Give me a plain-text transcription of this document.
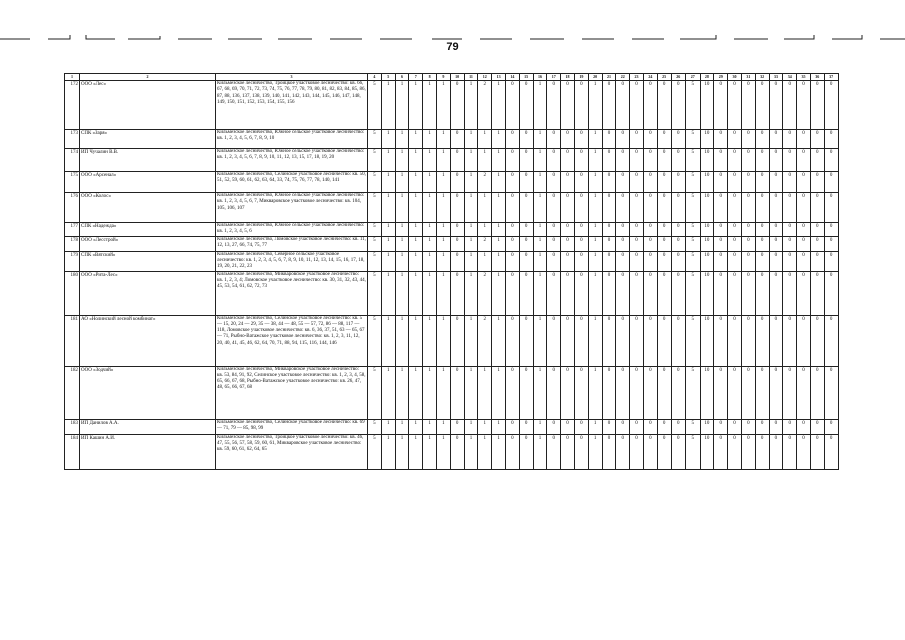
79
1	2	3	4	5	6	7	8	9	10	11	12	13	14	15	16	17	18	19	20	21	22	23	24	25	26	27	28	29	30	31	32	33	34	35	36	37	
172	ООО «Лес»	Кильмезское лесничество, Троицкое участковое лесничество: кв. 66, 67, 68, 69, 70, 71, 72, 73, 74, 75, 76, 77, 78, 79, 80, 81, 82, 83, 84, 85, 86, 87, 88, 136, 137, 138, 139, 140, 141, 142, 143, 144, 145, 146, 147, 148, 149, 150, 151, 152, 153, 154, 155, 156	5	1	1	1	1	1	0	1	2	1	0	0	1	0	0	0	1	0	0	0	0	0	0	5	10	0	0	0	0	0	0	0	0	0	
173	СПК «Заря»	Кильмезское лесничество, Южное сельское участковое лесничество: кв. 1, 2, 3, 4, 5, 6, 7, 8, 9, 10	5	1	1	1	1	1	0	1	1	1	0	0	1	0	0	0	1	0	0	0	0	0	0	5	10	0	0	0	0	0	0	0	0	0	
174	ИП Чучалин В.В.	Кильмезское лесничество, Южное сельское участковое лесничество: кв. 1, 2, 3, 4, 5, 6, 7, 8, 9, 10, 11, 12, 13, 15, 17, 18, 19, 20	5	1	1	1	1	1	0	1	1	1	0	0	1	0	0	0	1	0	0	0	0	0	0	5	10	0	0	0	0	0	0	0	0	0	
175	ООО «Арсенал»	Кильмезское лесничество, Селинское участковое лесничество: кв. 50, 51, 52, 59, 60, 61, 62, 63, 64, 33, 74, 75, 76, 77, 78, 140, 141	5	1	1	1	1	1	0	1	2	1	0	0	1	0	0	0	1	0	0	0	0	0	0	5	10	0	0	0	0	0	0	0	0	0	
176	ООО «Колос»	Кильмезское лесничество, Южное сельское участковое лесничество: кв. 1, 2, 3, 4, 5, 6, 7, Микваровское участковое лесничество: кв. 104, 105, 106, 107	5	1	1	1	1	1	0	1	1	1	0	0	1	0	0	0	1	0	0	0	0	0	0	5	10	0	0	0	0	0	0	0	0	0	
177	СПК «Надежда»	Кильмезское лесничество, Южное сельское участковое лесничество: кв. 1, 2, 3, 4, 5, 6	5	1	1	1	1	1	0	1	1	1	0	0	1	0	0	0	1	0	0	0	0	0	0	5	10	0	0	0	0	0	0	0	0	0	
178	ООО «Лесстрой»	Кильмезское лесничество, Ломовское участковое лесничество: кв. 11, 12, 13, 27, 66, 74, 75, 77	5	1	1	1	1	1	0	1	2	1	0	0	1	0	0	0	1	0	0	0	0	0	0	5	10	0	0	0	0	0	0	0	0	0	
179	СПК «Вятский»	Кильмезское лесничество, Северное сельское участковое лесничество: кв. 1, 2, 3, 4, 5, 6, 7, 8, 9, 10, 11, 12, 13, 14, 15, 16, 17, 18, 19, 20, 21, 22, 23	5	1	1	1	1	1	0	1	1	1	0	0	1	0	0	0	1	0	0	0	0	0	0	5	10	0	0	0	0	0	0	0	0	0	
180	ООО «Рита-Лес»	Кильмезское лесничество, Микваровское участковое лесничество: кв. 1, 2, 3, 4; Ломовское участковое лесничество: кв. 30, 31, 32, 43, 44, 45, 53, 54, 61, 62, 72, 73	5	1	1	1	1	1	0	1	2	1	0	0	1	0	0	0	1	0	0	0	0	0	0	5	10	0	0	0	0	0	0	0	0	0	
181	АО «Нолинский лесной комбинат»	Кильмезское лесничество, Селинское участковое лесничество: кв. 5 — 15, 20, 24 — 29, 35 — 38, 44 — 48, 55 — 57, 72, 86 — 88, 117 — 118, Ломовское участковое лесничество: кв. 6, 36, 37, 51, 63 — 65, 67 — 71, Рыбно-Ватажское участковое лесничество: кв. 1, 2, 3, 11, 12, 20, 40, 41, 45, 46, 62, 64, 70, 71, 88, 94, 115, 116, 144, 146	5	1	1	1	1	1	0	1	2	1	0	0	1	0	0	0	1	0	0	0	0	0	0	5	10	0	0	0	0	0	0	0	0	0	
182	ООО «Зодчий»	Кильмезское лесничество, Микваровское участковое лесничество: кв. 53, 84, 91, 92, Селинское участковое лесничество: кв. 1, 2, 3, 4, 58, 65, 66, 67, 68, Рыбно-Ватажское участковое лесничество: кв. 26, 47, 48, 65, 66, 67, 68	5	1	1	1	1	1	0	1	1	1	0	0	1	0	0	0	1	0	0	0	0	0	0	5	10	0	0	0	0	0	0	0	0	0	
183	ИП Данилов А.А.	Кильмезское лесничество, Селинское участковое лесничество: кв. 69 — 71, 79 — 85, 98, 99	5	1	1	1	1	1	0	1	1	1	0	0	1	0	0	0	1	0	0	0	0	0	0	5	10	0	0	0	0	0	0	0	0	0	
184	ИП Кашин А.И.	Кильмезское лесничество, Троицкое участковое лесничество: кв. 46, 47, 55, 56, 57, 58, 59, 60, 61, Микваровское участковое лесничество: кв. 59, 60, 61, 62, 64, 65	5	1	1	1	1	1	0	1	1	1	0	0	1	0	0	0	1	0	0	0	0	0	0	5	10	0	0	0	0	0	0	0	0	0	
